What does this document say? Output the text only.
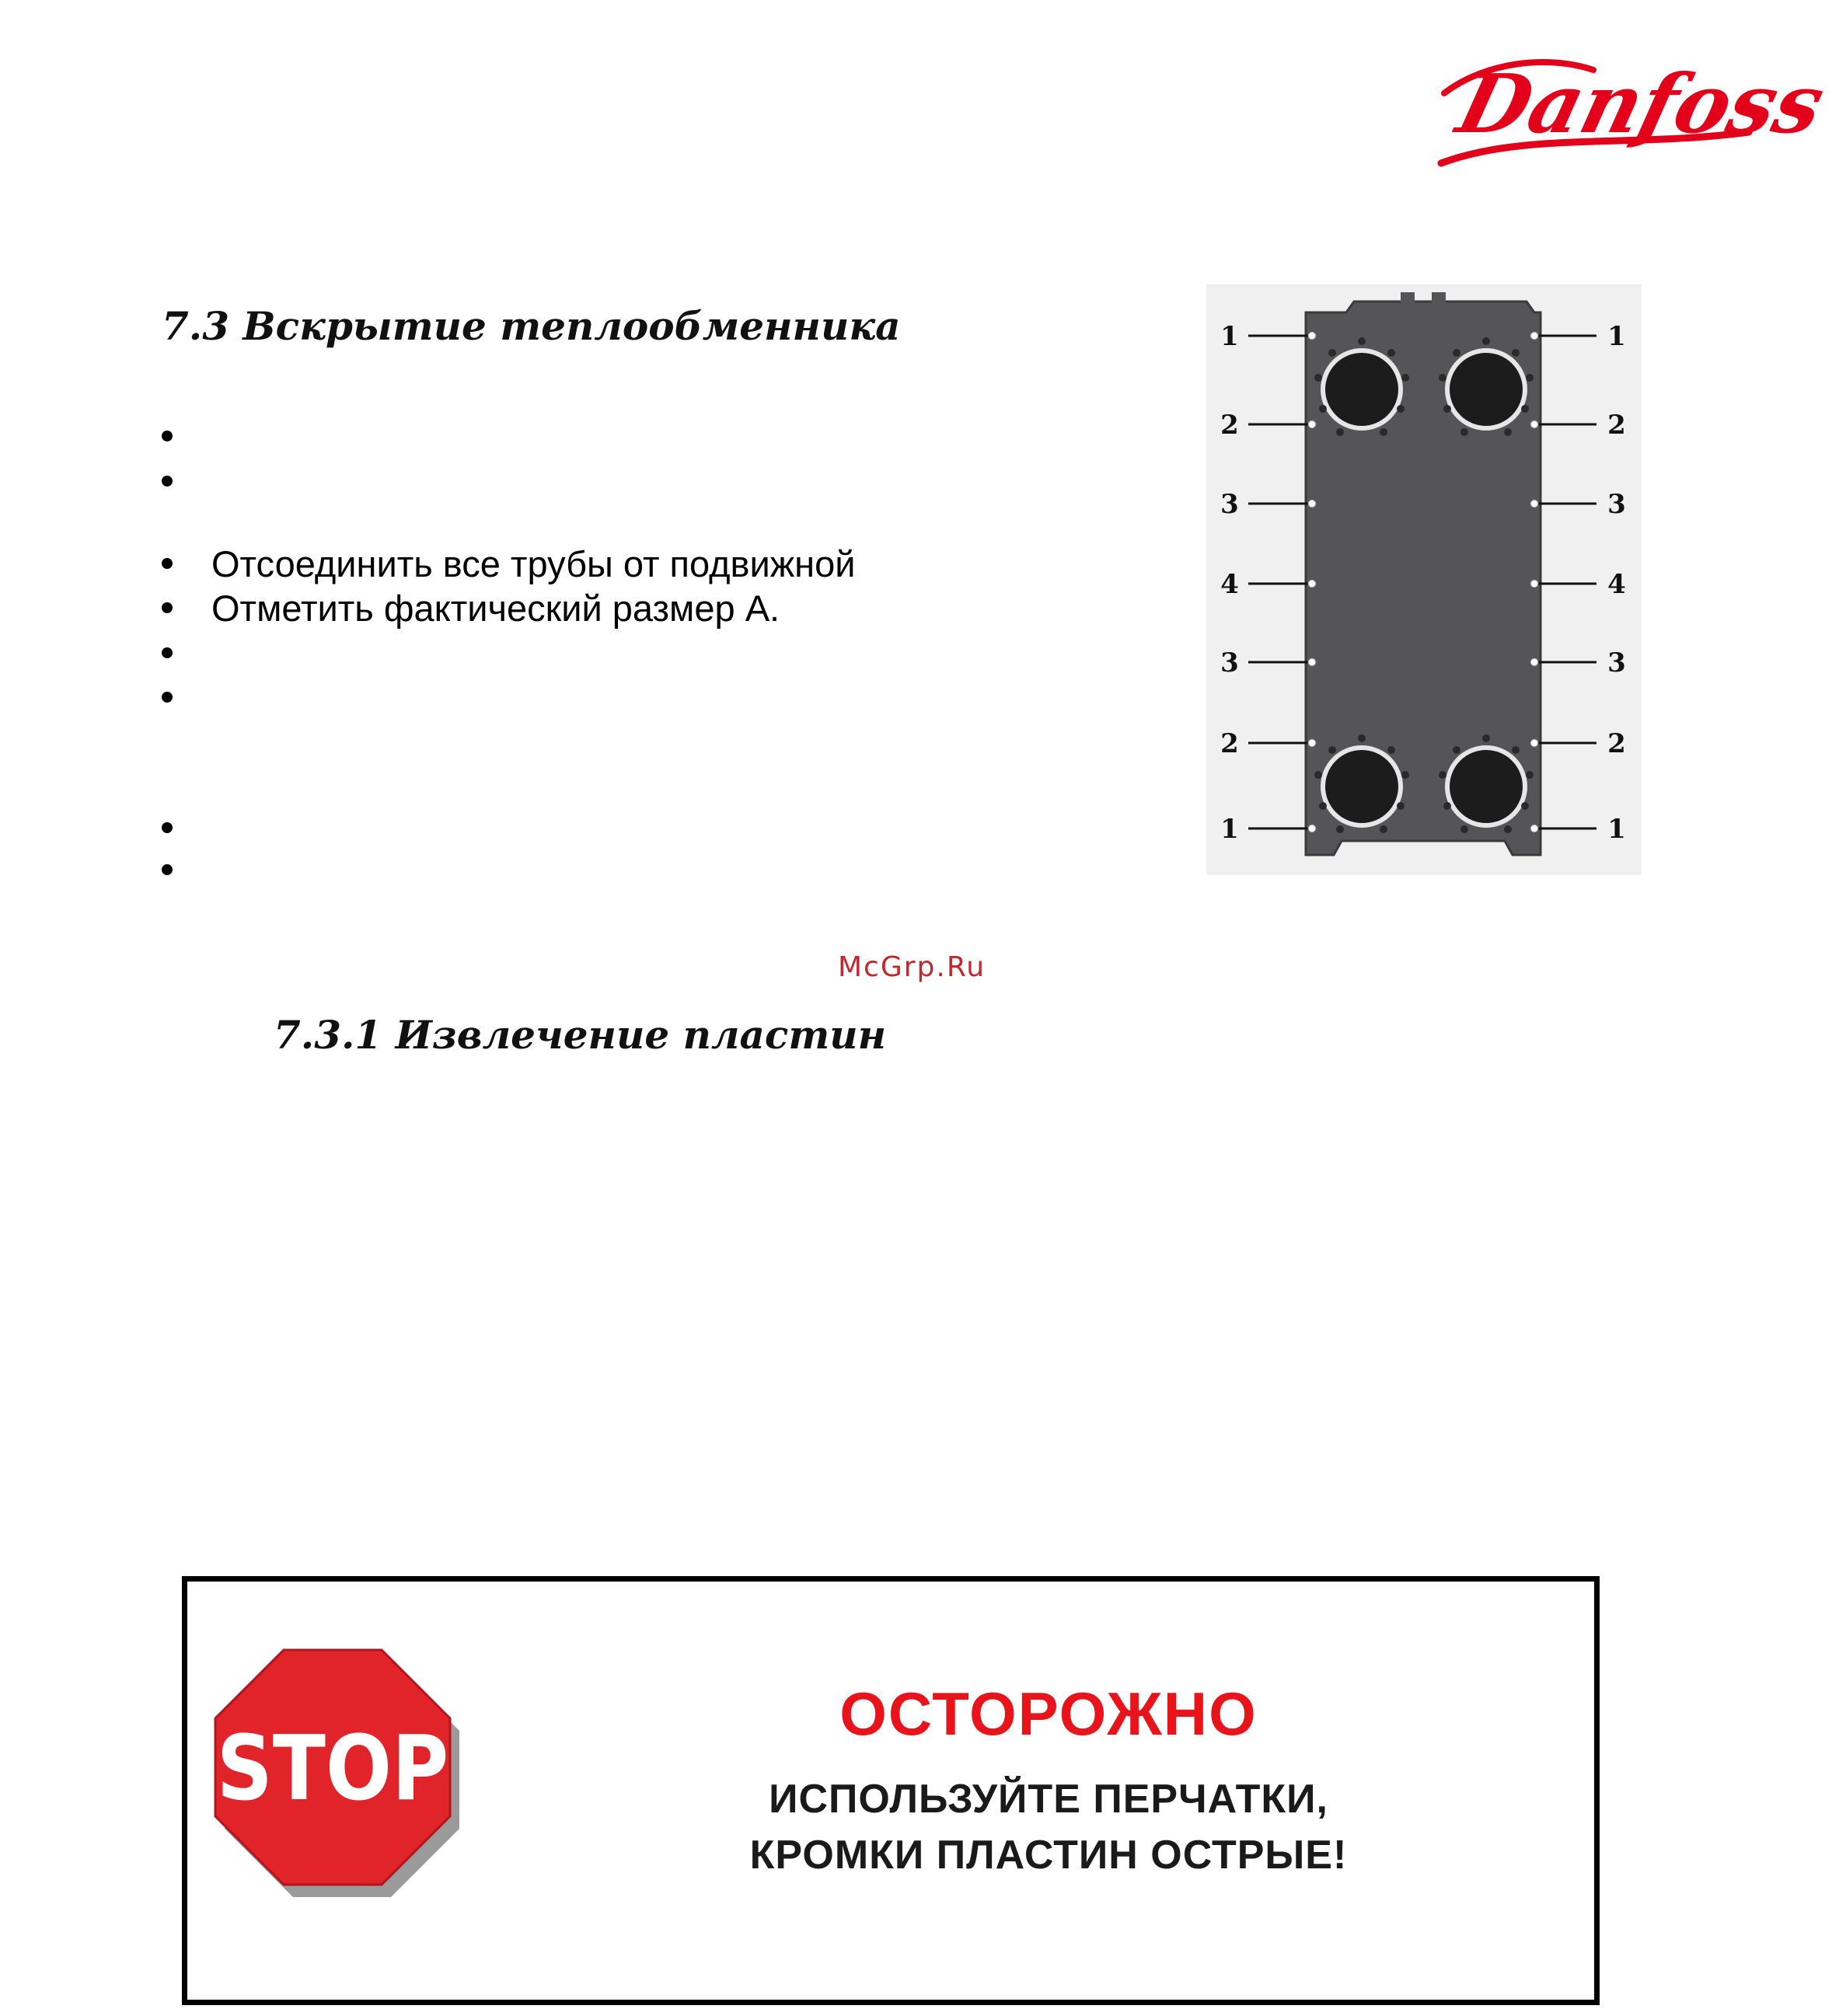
Danfoss
7.3 Вскрытие теплообменника
Отсоединить все трубы от подвижной
Отметить фактический размер A.
1
2
3
4
3
2
1
1
2
3
4
3
2
1
McGrp.Ru
7.3.1 Извлечение пластин
STOP
ОСТОРОЖНО
ИСПОЛЬЗУЙТЕ ПЕРЧАТКИ,
КРОМКИ ПЛАСТИН ОСТРЫЕ!
